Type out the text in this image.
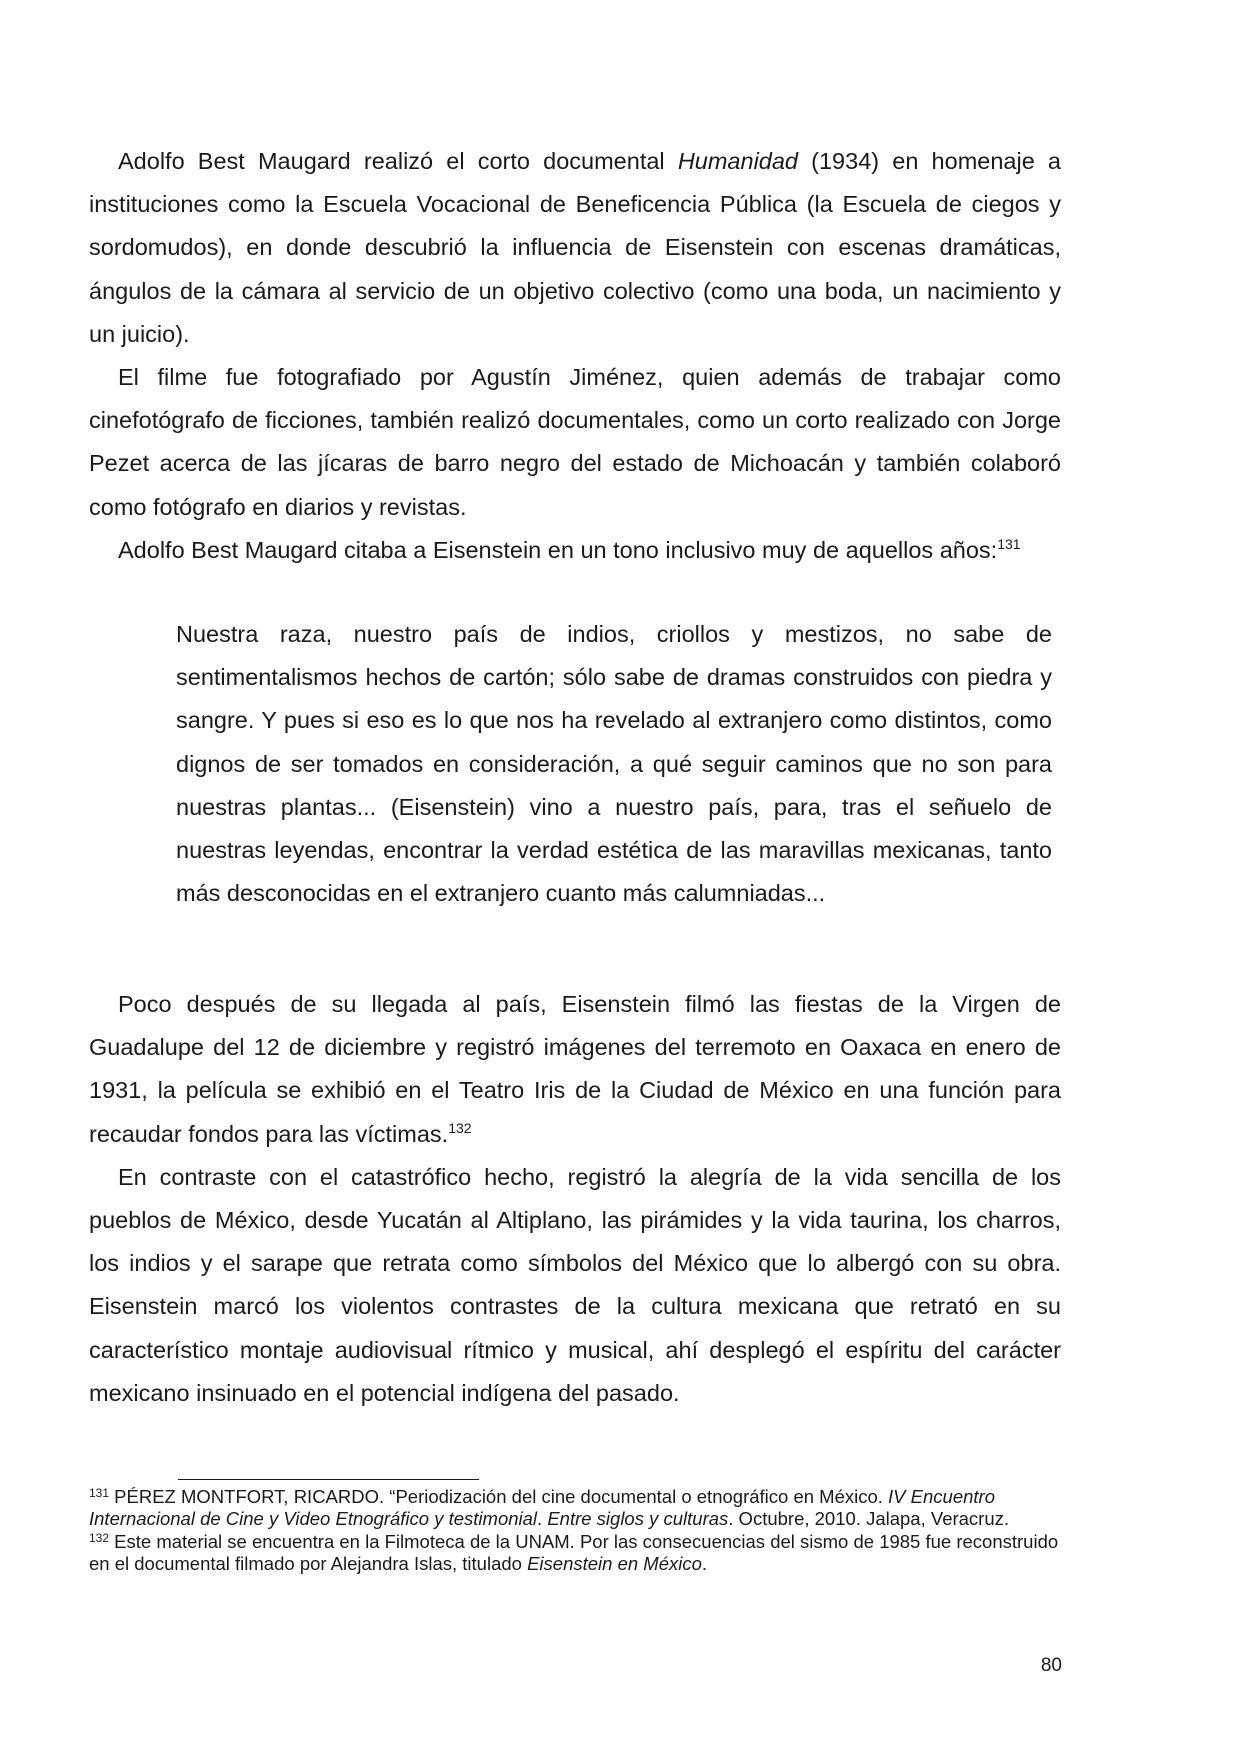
Adolfo Best Maugard realizó el corto documental Humanidad (1934) en homenaje a instituciones como la Escuela Vocacional de Beneficencia Pública (la Escuela de ciegos y sordomudos), en donde descubrió la influencia de Eisenstein con escenas dramáticas, ángulos de la cámara al servicio de un objetivo colectivo (como una boda, un nacimiento y un juicio).

El filme fue fotografiado por Agustín Jiménez, quien además de trabajar como cinefotógrafo de ficciones, también realizó documentales, como un corto realizado con Jorge Pezet acerca de las jícaras de barro negro del estado de Michoacán y también colaboró como fotógrafo en diarios y revistas.

Adolfo Best Maugard citaba a Eisenstein en un tono inclusivo muy de aquellos años:$^{131}$

Nuestra raza, nuestro país de indios, criollos y mestizos, no sabe de sentimentalismos hechos de cartón; sólo sabe de dramas construidos con piedra y sangre. Y pues si eso es lo que nos ha revelado al extranjero como distintos, como dignos de ser tomados en consideración, a qué seguir caminos que no son para nuestras plantas... (Eisenstein) vino a nuestro país, para, tras el señuelo de nuestras leyendas, encontrar la verdad estética de las maravillas mexicanas, tanto más desconocidas en el extranjero cuanto más calumniadas...

Poco después de su llegada al país, Eisenstein filmó las fiestas de la Virgen de Guadalupe del 12 de diciembre y registró imágenes del terremoto en Oaxaca en enero de 1931, la película se exhibió en el Teatro Iris de la Ciudad de México en una función para recaudar fondos para las víctimas.$^{132}$

En contraste con el catastrófico hecho, registró la alegría de la vida sencilla de los pueblos de México, desde Yucatán al Altiplano, las pirámides y la vida taurina, los charros, los indios y el sarape que retrata como símbolos del México que lo albergó con su obra. Eisenstein marcó los violentos contrastes de la cultura mexicana que retrató en su característico montaje audiovisual rítmico y musical, ahí desplegó el espíritu del carácter mexicano insinuado en el potencial indígena del pasado.

$^{131}$ PÉREZ MONTFORT, RICARDO. “Periodización del cine documental o etnográfico en México. IV Encuentro Internacional de Cine y Video Etnográfico y testimonial. Entre siglos y culturas. Octubre, 2010. Jalapa, Veracruz.

$^{132}$ Este material se encuentra en la Filmoteca de la UNAM. Por las consecuencias del sismo de 1985 fue reconstruido en el documental filmado por Alejandra Islas, titulado Eisenstein en México.

80
